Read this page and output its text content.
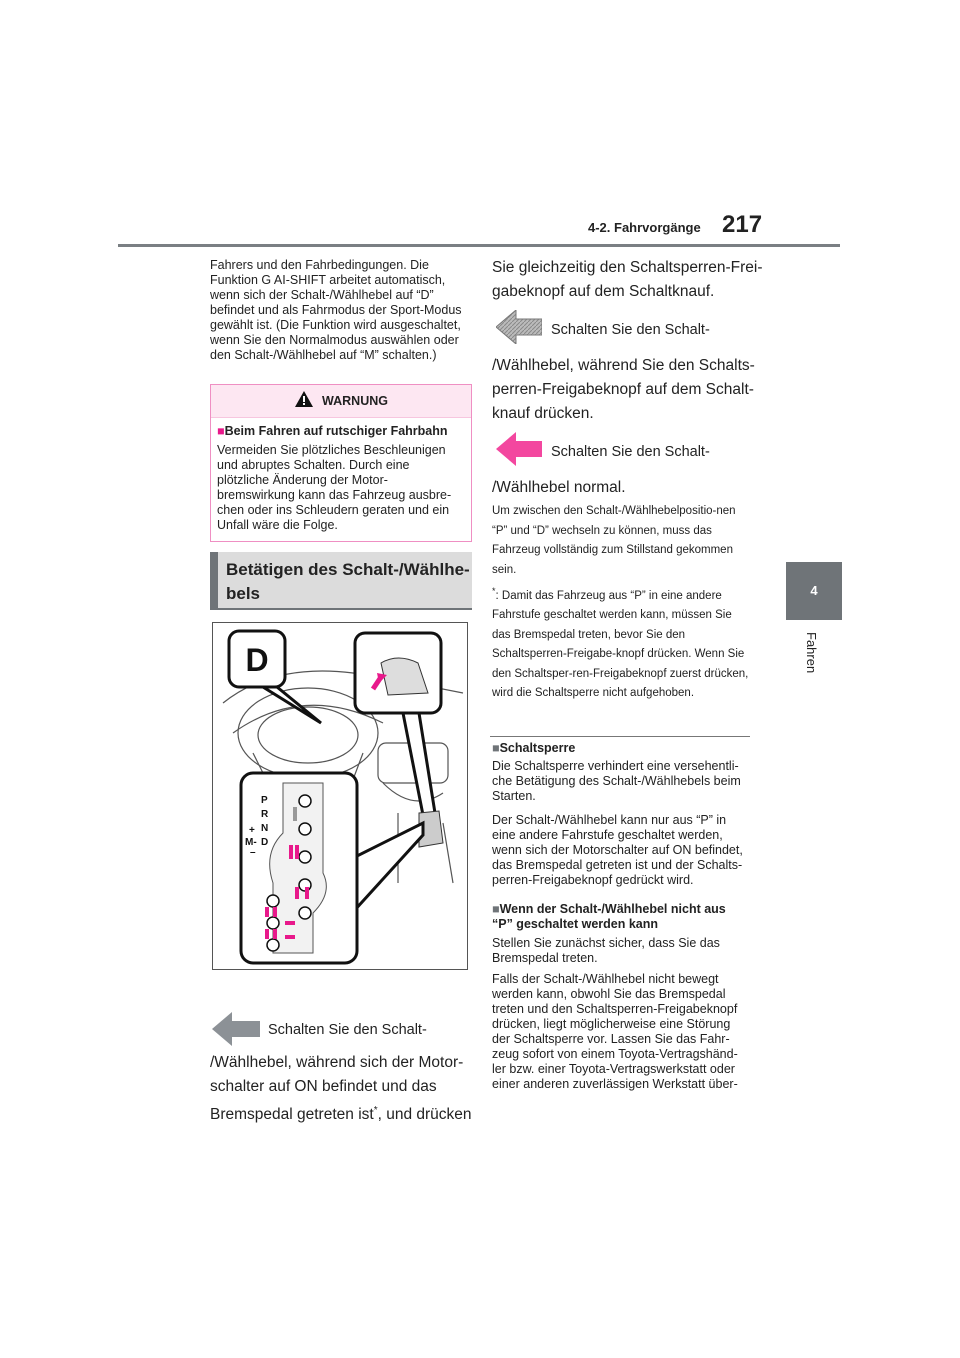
4-2. Fahrvorgänge 217
4
Fahren
Fahrers und den Fahrbedingungen. Die Funktion G AI-SHIFT arbeitet automatisch, wenn sich der Schalt-/Wählhebel auf “D” befindet und als Fahrmodus der Sport-Modus gewählt ist. (Die Funktion wird ausgeschaltet, wenn Sie den Normalmodus auswählen oder den Schalt-/Wählhebel auf “M” schalten.)
WARNUNG
■Beim Fahren auf rutschiger Fahrbahn
Vermeiden Sie plötzliches Beschleunigen und abruptes Schalten. Durch eine plötzliche Änderung der Motor-bremswirkung kann das Fahrzeug ausbre-chen oder ins Schleudern geraten und ein Unfall wäre die Folge.
Betätigen des Schalt-/Wählhe-
bels
D
P
R
N
D
+
M-
–
Schalten Sie den Schalt-
/Wählhebel, während sich der Motor-
schalter auf ON befindet und das
Bremspedal getreten ist*, und drücken
Sie gleichzeitig den Schaltsperren-Frei-
gabeknopf auf dem Schaltknauf.
Schalten Sie den Schalt-
/Wählhebel, während Sie den Schalts-
perren-Freigabeknopf auf dem Schalt-
knauf drücken.
Schalten Sie den Schalt-
/Wählhebel normal.
Um zwischen den Schalt-/Wählhebelpositio-nen “P” und “D” wechseln zu können, muss das Fahrzeug vollständig zum Stillstand gekommen sein.
*: Damit das Fahrzeug aus “P” in eine andere Fahrstufe geschaltet werden kann, müssen Sie das Bremspedal treten, bevor Sie den Schaltsperren-Freigabe-knopf drücken. Wenn Sie den Schaltsper-ren-Freigabeknopf zuerst drücken, wird die Schaltsperre nicht aufgehoben.
■Schaltsperre
Die Schaltsperre verhindert eine versehentli-che Betätigung des Schalt-/Wählhebels beim Starten.
Der Schalt-/Wählhebel kann nur aus “P” in eine andere Fahrstufe geschaltet werden, wenn sich der Motorschalter auf ON befindet, das Bremspedal getreten ist und der Schalts-perren-Freigabeknopf gedrückt wird.
■Wenn der Schalt-/Wählhebel nicht aus “P” geschaltet werden kann
Stellen Sie zunächst sicher, dass Sie das Bremspedal treten.
Falls der Schalt-/Wählhebel nicht bewegt werden kann, obwohl Sie das Bremspedal treten und den Schaltsperren-Freigabeknopf drücken, liegt möglicherweise eine Störung der Schaltsperre vor. Lassen Sie das Fahr-zeug sofort von einem Toyota-Vertragshänd-ler bzw. einer Toyota-Vertragswerkstatt oder einer anderen zuverlässigen Werkstatt über-
